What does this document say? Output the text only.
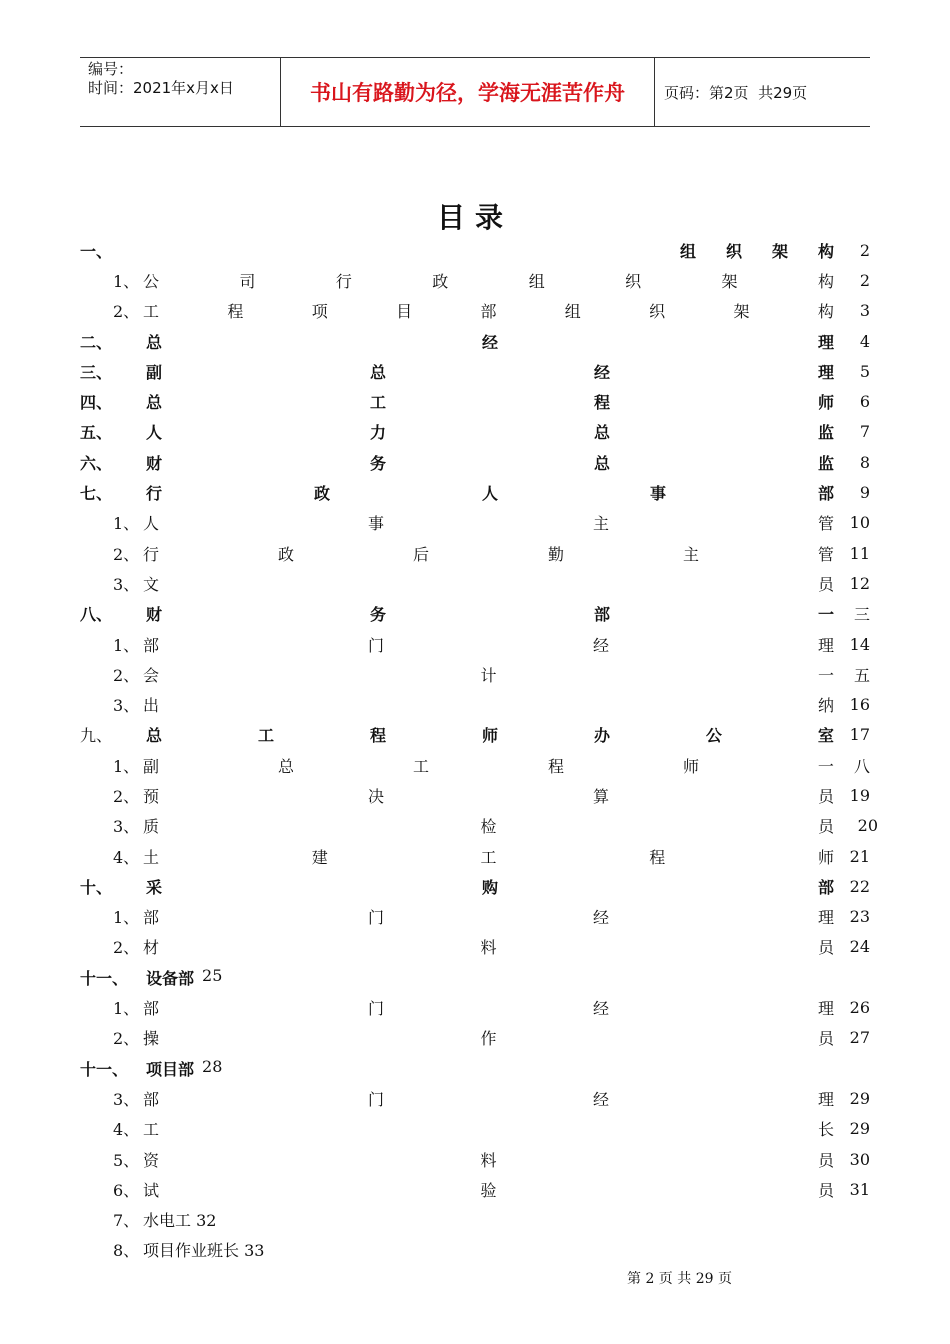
编号：
时间：2021年x月x日	书山有路勤为径，学海无涯苦作舟	页码：第2页  共29页
目录
一、	组 织 架 构 2
1、 公	司	行	政	组	织	架	构 2
2、 工	程	项	目	部	组	织	架	构 3
二、	总	经	理 4
三、	副	总	经	理 5
四、	总	工	程	师 6
五、	人	力	总	监 7
六、	财	务	总	监 8
七、	行	政	人	事	部 9
1、 人	事	主	管 10
2、 行	政	后	勤	主	管 11
3、 文	员 12
八、	财	务	部	一 三
1、 部	门	经	理 14
2、 会	计	一 五
3、 出	纳 16
九、	总	工	程	师	办	公	室 17
1、 副	总	工	程	师	一 八
2、 预	决	算	员 19
3、 质	检	员 20
4、 土	建	工	程	师 21
十、	采	购	部 22
1、 部	门	经	理 23
2、 材	料	员 24
十一、	设备部 25
1、 部	门	经	理 26
2、 操	作	员 27
十一、	项目部 28
3、 部	门	经	理 29
4、 工	长 29
5、 资	料	员 30
6、 试	验	员 31
7、 水电工 32
8、 项目作业班长 33
第 2 页 共 29 页
